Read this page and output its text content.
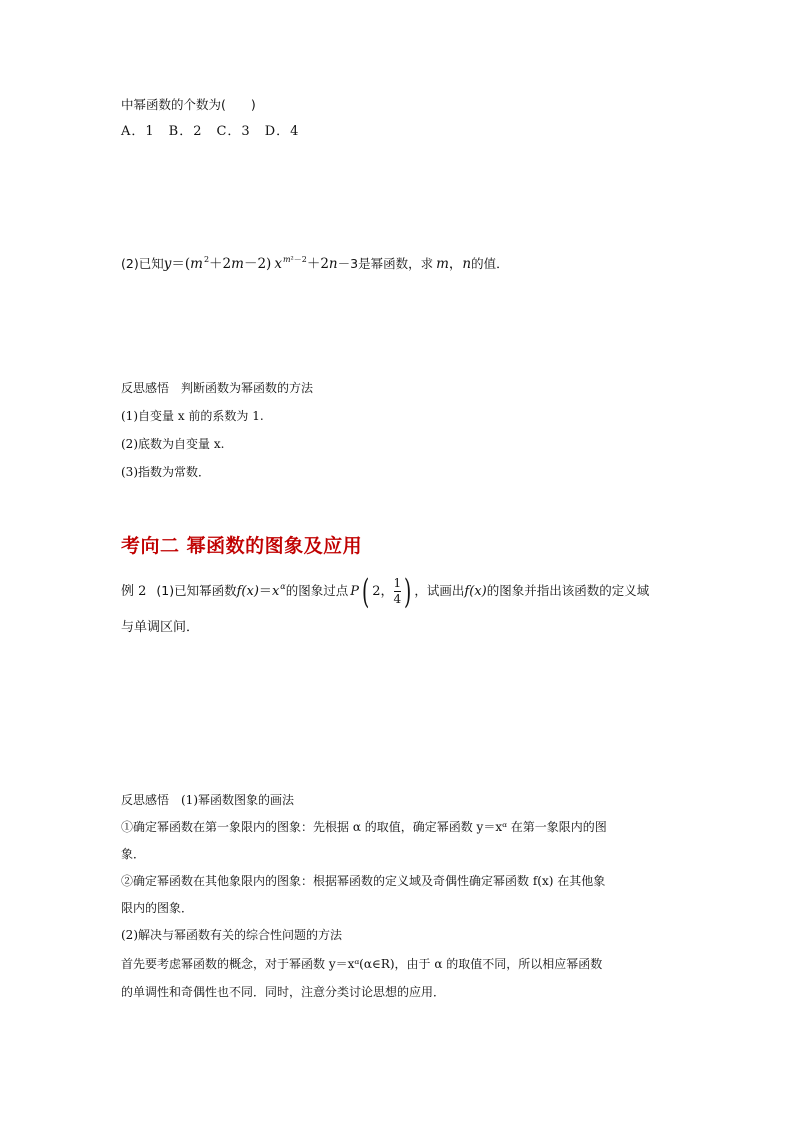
中幂函数的个数为(　　)
A．1　B．2　C．3　D．4
(2)已知$y=(m^2+2m-2)$ $x^{m^2-2}+2n-3$是幂函数，求 m，n的值．
反思感悟　判断函数为幂函数的方法
(1)自变量 x 前的系数为 1.
(2)底数为自变量 x.
(3)指数为常数．
考向二 幂函数的图象及应用
例 2 (1)已知幂函数$f(x)=x^\alpha$的图象过点 P( 2，$\frac{1}{4}$) ，试画出f(x)的图象并指出该函数的定义域
与单调区间．
反思感悟　(1)幂函数图象的画法
①确定幂函数在第一象限内的图象：先根据 α 的取值，确定幂函数 y＝xᵅ 在第一象限内的图
象．
②确定幂函数在其他象限内的图象：根据幂函数的定义域及奇偶性确定幂函数 f(x) 在其他象
限内的图象．
(2)解决与幂函数有关的综合性问题的方法
首先要考虑幂函数的概念，对于幂函数 y＝xᵅ(α∈R)，由于 α 的取值不同，所以相应幂函数
的单调性和奇偶性也不同．同时，注意分类讨论思想的应用．
